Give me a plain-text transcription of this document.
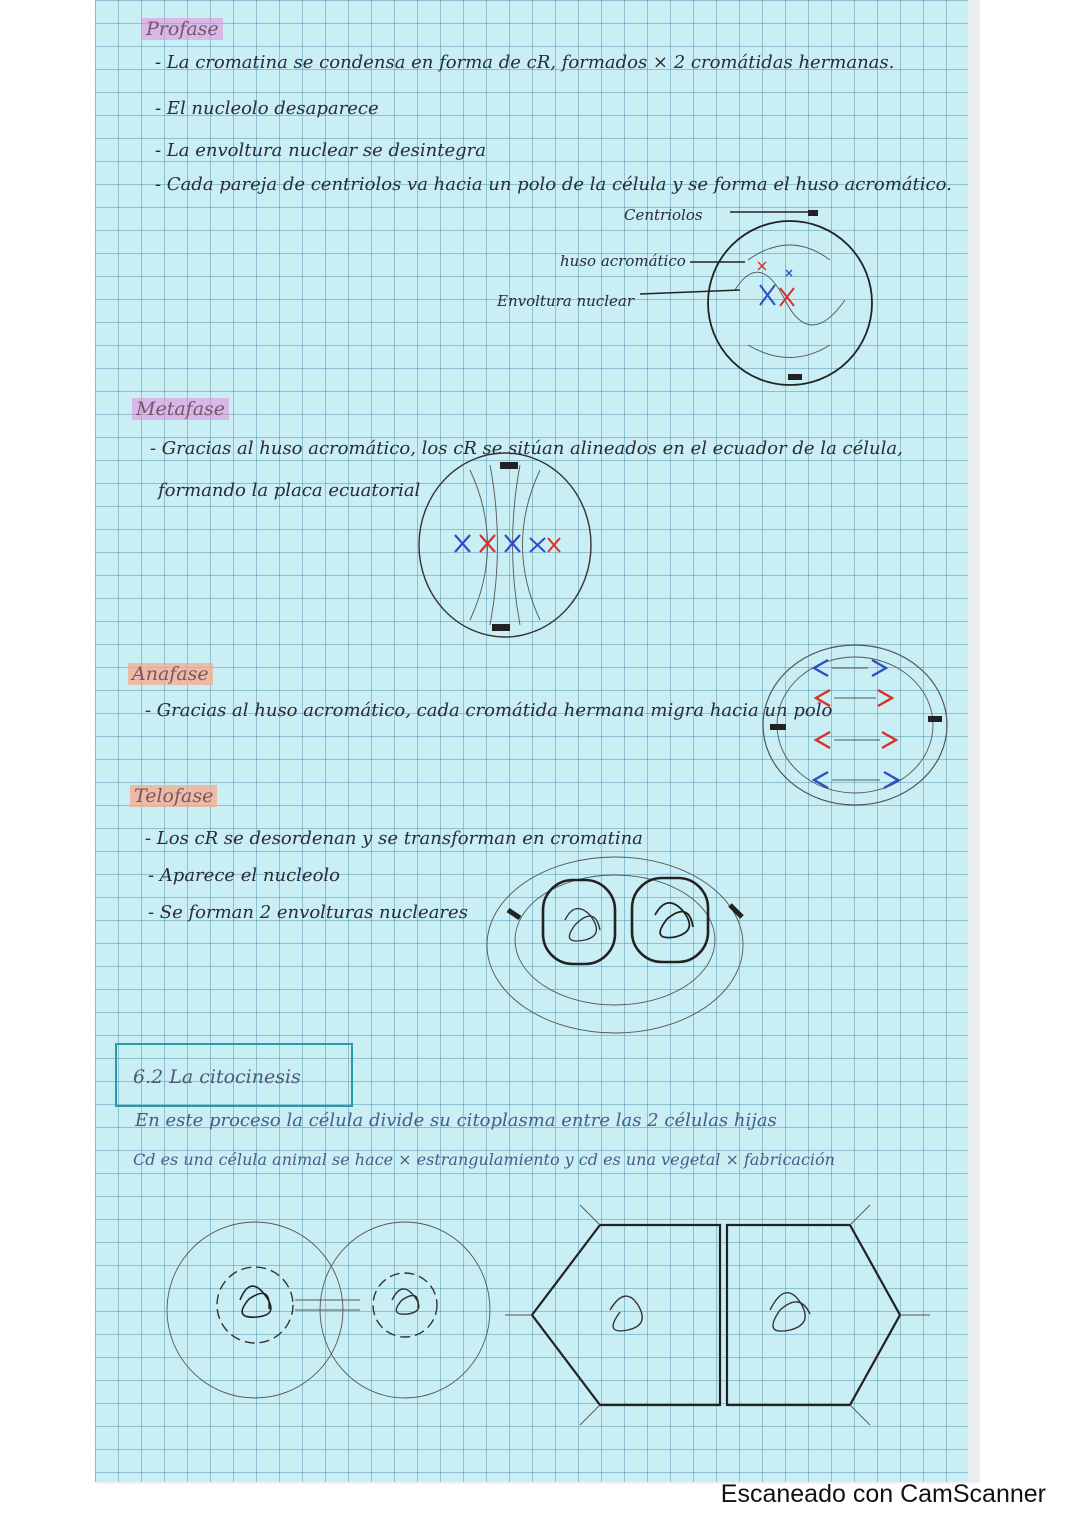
Profase
- La cromatina se condensa en forma de cR, formados × 2 cromátidas hermanas.
- El nucleolo desaparece
- La envoltura nuclear se desintegra
- Cada pareja de centriolos va hacia un polo de la célula y se forma el huso acromático.
Centriolos
huso acromático
Envoltura nuclear
Metafase
- Gracias al huso acromático, los cR se sitúan alineados en el ecuador de la célula,
formando la placa ecuatorial
Anafase
- Gracias al huso acromático, cada cromátida hermana migra hacia un polo
Telofase
- Los cR se desordenan y se transforman en cromatina
- Aparece el nucleolo
- Se forman 2 envolturas nucleares
6.2 La citocinesis
En este proceso la célula divide su citoplasma entre las 2 células hijas
Cd es una célula animal se hace × estrangulamiento y cd es una vegetal × fabricación
Escaneado con CamScanner
